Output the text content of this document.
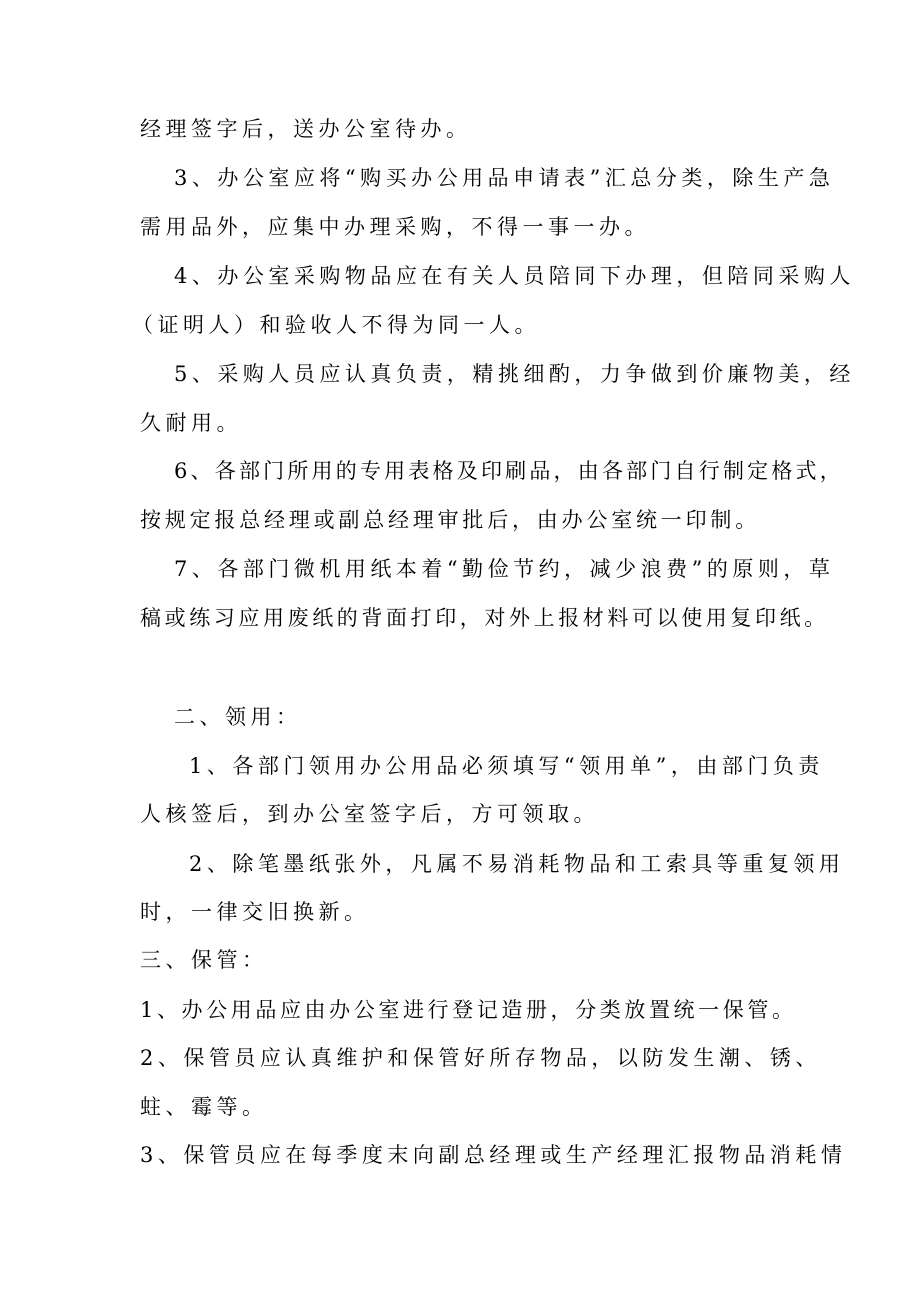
经理签字后，送办公室待办。
3、办公室应将“购买办公用品申请表”汇总分类，除生产急
需用品外，应集中办理采购，不得一事一办。
4、办公室采购物品应在有关人员陪同下办理，但陪同采购人
（证明人）和验收人不得为同一人。
5、采购人员应认真负责，精挑细酌，力争做到价廉物美，经
久耐用。
6、各部门所用的专用表格及印刷品，由各部门自行制定格式，
按规定报总经理或副总经理审批后，由办公室统一印制。
7、各部门微机用纸本着“勤俭节约，减少浪费”的原则，草
稿或练习应用废纸的背面打印，对外上报材料可以使用复印纸。
二、领用：
1、各部门领用办公用品必须填写“领用单”，由部门负责
人核签后，到办公室签字后，方可领取。
2、除笔墨纸张外，凡属不易消耗物品和工索具等重复领用
时，一律交旧换新。
三、保管：
1、办公用品应由办公室进行登记造册，分类放置统一保管。
2、保管员应认真维护和保管好所存物品，以防发生潮、锈、
蛀、霉等。
3、保管员应在每季度末向副总经理或生产经理汇报物品消耗情
